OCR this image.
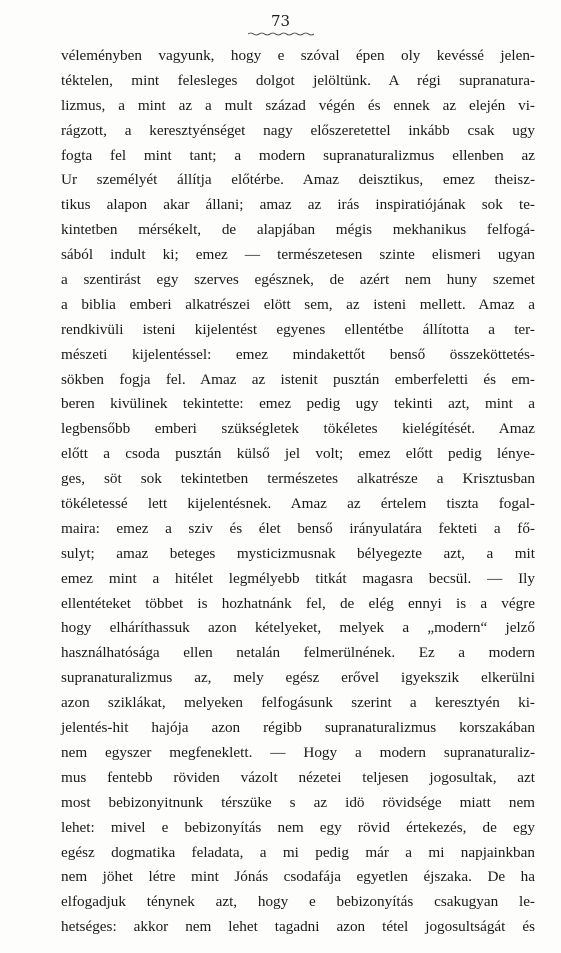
73
véleményben vagyunk, hogy e szóval épen oly kevéssé jelen-
téktelen, mint felesleges dolgot jelöltünk. A régi supranatura-
lizmus, a mint az a mult század végén és ennek az elején vi-
rágzott, a keresztyénséget nagy előszeretettel inkább csak ugy
fogta fel mint tant; a modern supranaturalizmus ellenben az
Ur személyét állítja előtérbe. Amaz deisztikus, emez theisz-
tikus alapon akar állani; amaz az irás inspiratiójának sok te-
kintetben mérsékelt, de alapjában mégis mekhanikus felfogá-
sából indult ki; emez — természetesen szinte elismeri ugyan
a szentirást egy szerves egésznek, de azért nem huny szemet
a biblia emberi alkatrészei elött sem, az isteni mellett. Amaz a
rendkivüli isteni kijelentést egyenes ellentétbe állította a ter-
mészeti kijelentéssel: emez mindakettőt benső összeköttetés-
sökben fogja fel. Amaz az istenit pusztán emberfeletti és em-
beren kivülinek tekintette: emez pedig ugy tekinti azt, mint a
legbensőbb emberi szükségletek tökéletes kielégítését. Amaz
előtt a csoda pusztán külső jel volt; emez előtt pedig lénye-
ges, söt sok tekintetben természetes alkatrésze a Krisztusban
tökéletessé lett kijelentésnek. Amaz az értelem tiszta fogal-
maira: emez a sziv és élet benső irányulatára fekteti a fő-
sulyt; amaz beteges mysticizmusnak bélyegezte azt, a mit
emez mint a hitélet legmélyebb titkát magasra becsül. — Ily
ellentéteket többet is hozhatnánk fel, de elég ennyi is a végre
hogy elháríthassuk azon kételyeket, melyek a „modern“ jelző
használhatósága ellen netalán felmerülnének. Ez a modern
supranaturalizmus az, mely egész erővel igyekszik elkerülni
azon sziklákat, melyeken felfogásunk szerint a keresztyén ki-
jelentés-hit hajója azon régibb supranaturalizmus korszakában
nem egyszer megfeneklett. — Hogy a modern supranaturaliz-
mus fentebb röviden vázolt nézetei teljesen jogosultak, azt
most bebizonyitnunk térszüke s az idö rövidsége miatt nem
lehet: mivel e bebizonyítás nem egy rövid értekezés, de egy
egész dogmatika feladata, a mi pedig már a mi napjainkban
nem jöhet létre mint Jónás csodafája egyetlen éjszaka. De ha
elfogadjuk ténynek azt, hogy e bebizonyítás csakugyan le-
hetséges: akkor nem lehet tagadni azon tétel jogosultságát és
